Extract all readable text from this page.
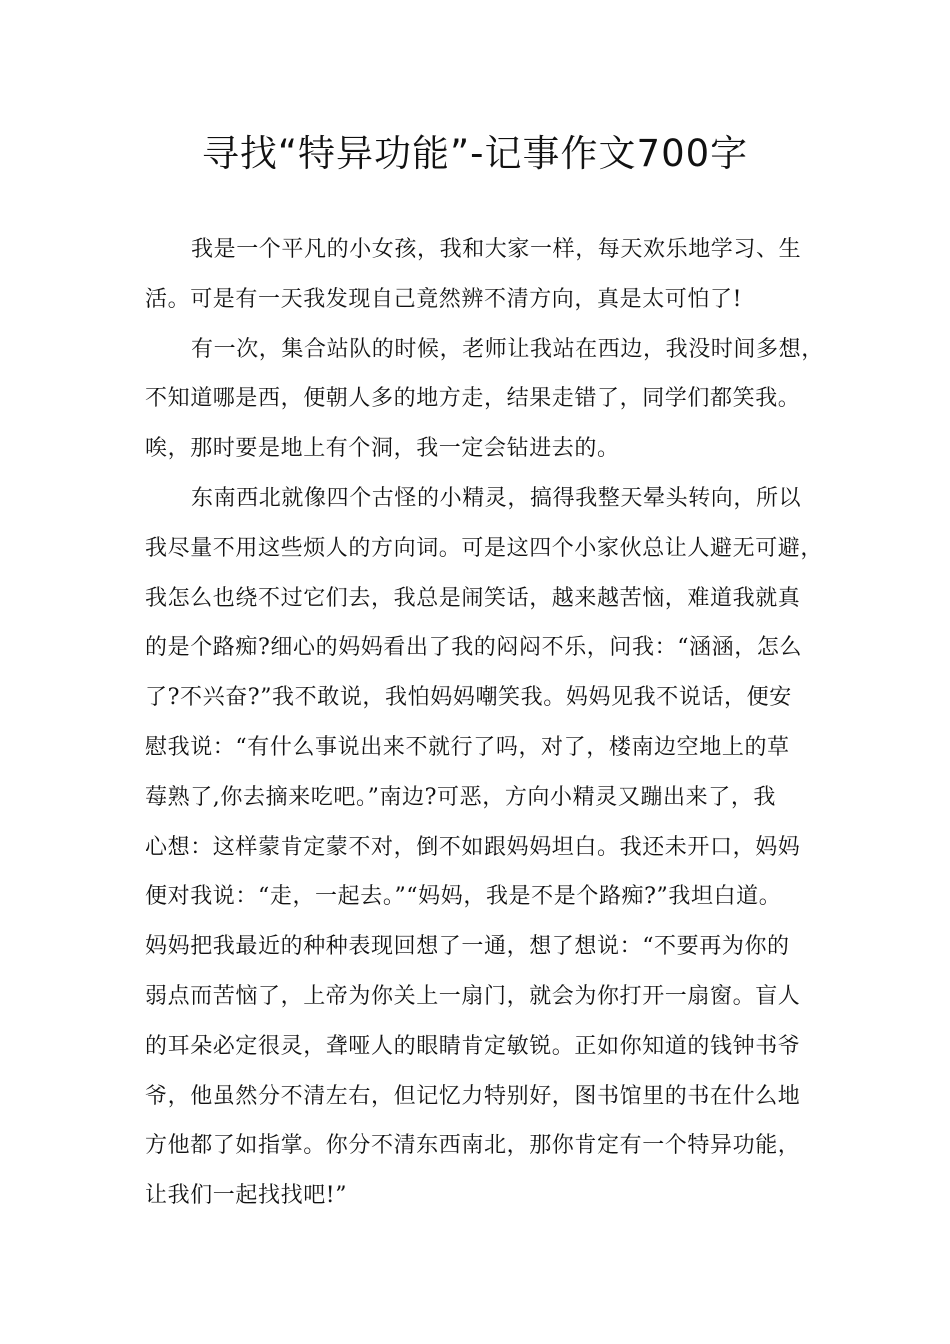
寻找“特异功能”-记事作文700字

我是一个平凡的小女孩，我和大家一样，每天欢乐地学习、生
活。可是有一天我发现自己竟然辨不清方向，真是太可怕了!

有一次，集合站队的时候，老师让我站在西边，我没时间多想，
不知道哪是西，便朝人多的地方走，结果走错了，同学们都笑我。
唉，那时要是地上有个洞，我一定会钻进去的。

东南西北就像四个古怪的小精灵，搞得我整天晕头转向，所以
我尽量不用这些烦人的方向词。可是这四个小家伙总让人避无可避，
我怎么也绕不过它们去，我总是闹笑话，越来越苦恼，难道我就真
的是个路痴?细心的妈妈看出了我的闷闷不乐，问我：“涵涵，怎么
了?不兴奋?”我不敢说，我怕妈妈嘲笑我。妈妈见我不说话，便安
慰我说：“有什么事说出来不就行了吗，对了，楼南边空地上的草
莓熟了,你去摘来吃吧。”南边?可恶，方向小精灵又蹦出来了，我
心想：这样蒙肯定蒙不对，倒不如跟妈妈坦白。我还未开口，妈妈
便对我说：“走，一起去。”“妈妈，我是不是个路痴?”我坦白道。
妈妈把我最近的种种表现回想了一通，想了想说：“不要再为你的
弱点而苦恼了，上帝为你关上一扇门，就会为你打开一扇窗。盲人
的耳朵必定很灵，聋哑人的眼睛肯定敏锐。正如你知道的钱钟书爷
爷，他虽然分不清左右，但记忆力特别好，图书馆里的书在什么地
方他都了如指掌。你分不清东西南北，那你肯定有一个特异功能，
让我们一起找找吧!”
